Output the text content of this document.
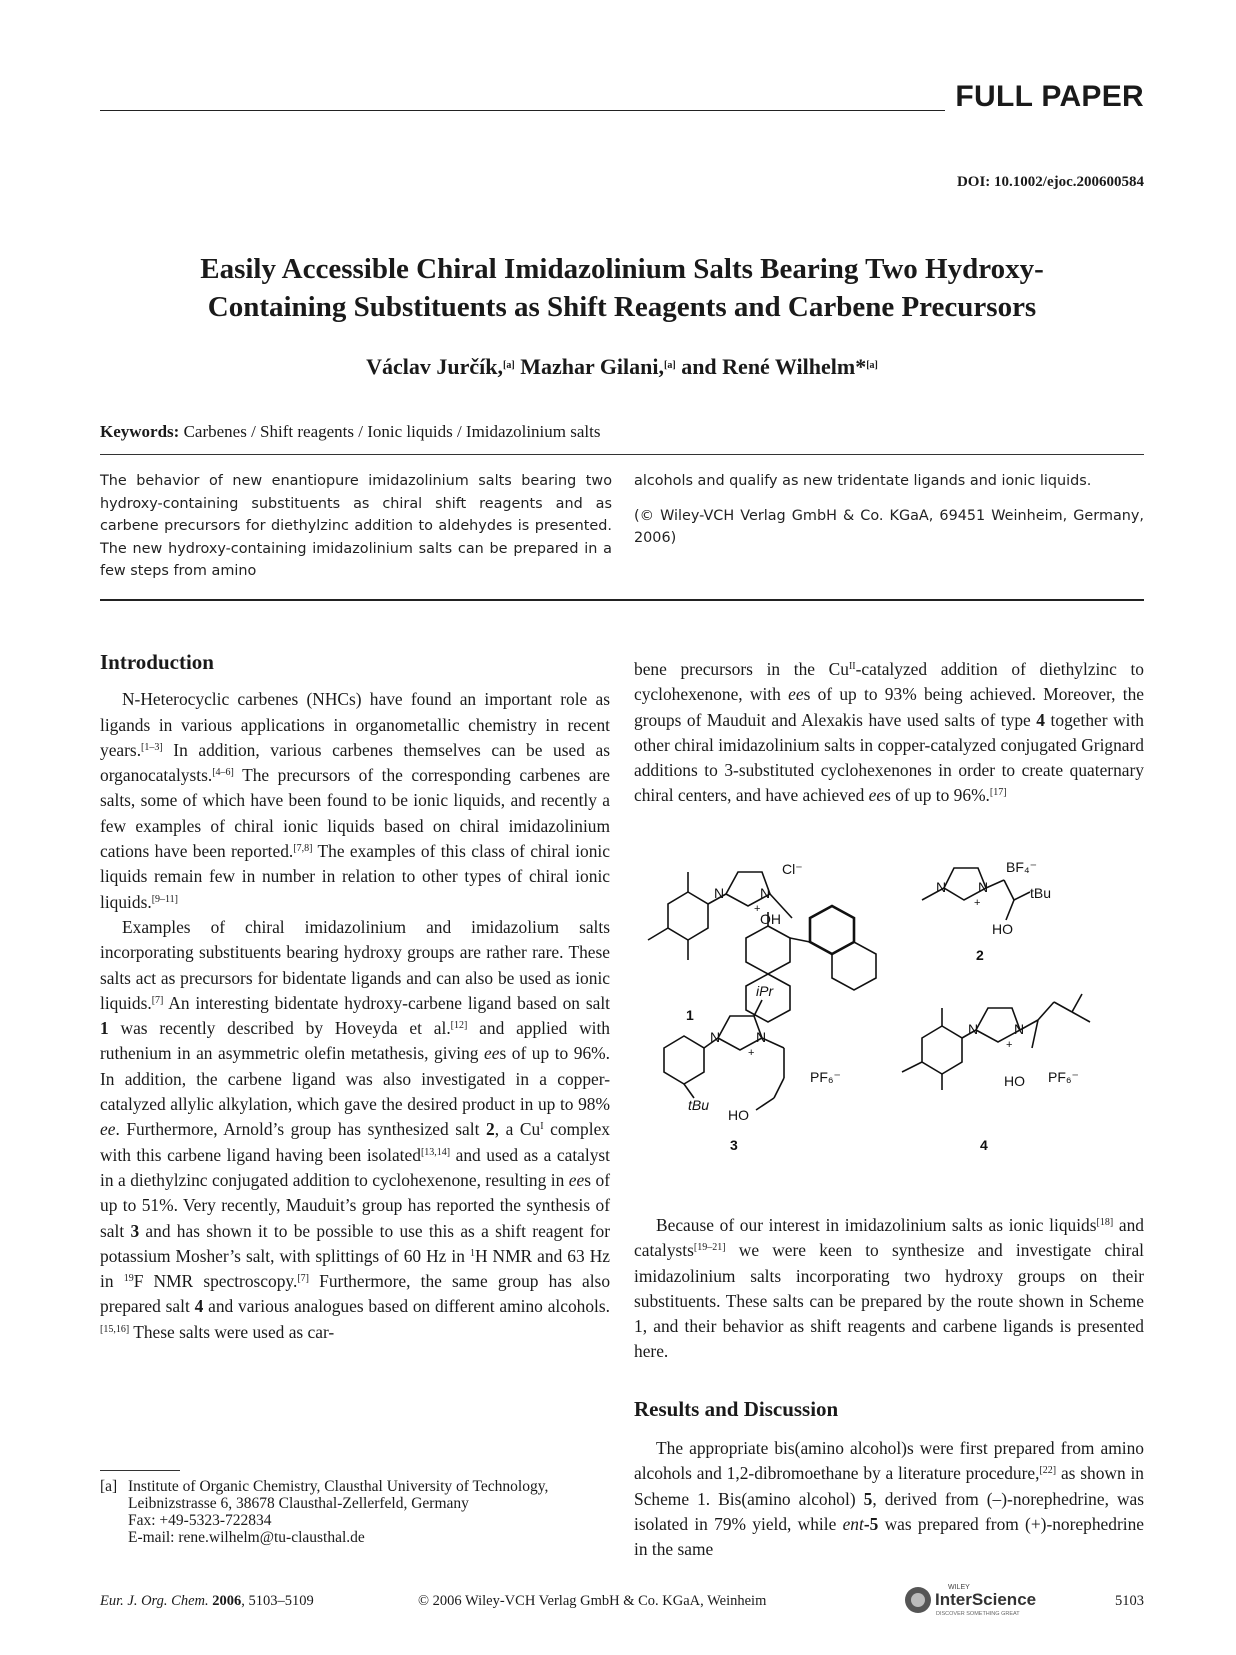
FULL PAPER
DOI: 10.1002/ejoc.200600584
Easily Accessible Chiral Imidazolinium Salts Bearing Two Hydroxy-
Containing Substituents as Shift Reagents and Carbene Precursors
Václav Jurčík,[a] Mazhar Gilani,[a] and René Wilhelm*[a]
Keywords: Carbenes / Shift reagents / Ionic liquids / Imidazolinium salts
The behavior of new enantiopure imidazolinium salts bearing two hydroxy-containing substituents as chiral shift reagents and as carbene precursors for diethylzinc addition to aldehydes is presented. The new hydroxy-containing imidazolinium salts can be prepared in a few steps from amino
alcohols and qualify as new tridentate ligands and ionic liquids.
(© Wiley-VCH Verlag GmbH & Co. KGaA, 69451 Weinheim, Germany, 2006)
Introduction

N-Heterocyclic carbenes (NHCs) have found an important role as ligands in various applications in organometallic chemistry in recent years.[1–3] In addition, various carbenes themselves can be used as organocatalysts.[4–6] The precursors of the corresponding carbenes are salts, some of which have been found to be ionic liquids, and recently a few examples of chiral ionic liquids based on chiral imidazolinium cations have been reported.[7,8] The examples of this class of chiral ionic liquids remain few in number in relation to other types of chiral ionic liquids.[9–11]

Examples of chiral imidazolinium and imidazolium salts incorporating substituents bearing hydroxy groups are rather rare. These salts act as precursors for bidentate ligands and can also be used as ionic liquids.[7] An interesting bidentate hydroxy-carbene ligand based on salt 1 was recently described by Hoveyda et al.[12] and applied with ruthenium in an asymmetric olefin metathesis, giving ees of up to 96%. In addition, the carbene ligand was also investigated in a copper-catalyzed allylic alkylation, which gave the desired product in up to 98% ee. Furthermore, Arnold’s group has synthesized salt 2, a $Cu^I$ complex with this carbene ligand having been isolated[13,14] and used as a catalyst in a diethylzinc conjugated addition to cyclohexenone, resulting in ees of up to 51%. Very recently, Mauduit’s group has reported the synthesis of salt 3 and has shown it to be possible to use this as a shift reagent for potassium Mosher’s salt, with splittings of 60 Hz in $^1$H NMR and 63 Hz in $^{19}$F NMR spectroscopy.[7] Furthermore, the same group has also prepared salt 4 and various analogues based on different amino alcohols.[15,16] These salts were used as car-

[a] Institute of Organic Chemistry, Clausthal University of Technology,
Leibnizstrasse 6, 38678 Clausthal-Zellerfeld, Germany
Fax: +49-5323-722834
E-mail: rene.wilhelm@tu-clausthal.de

bene precursors in the $Cu^{II}$-catalyzed addition of diethylzinc to cyclohexenone, with ees of up to 93% being achieved. Moreover, the groups of Mauduit and Alexakis have used salts of type 4 together with other chiral imidazolinium salts in copper-catalyzed conjugated Grignard additions to 3-substituted cyclohexenones in order to create quaternary chiral centers, and have achieved ees of up to 96%.[17]

N	N
+
Cl⁻
OH
1
N N
+
BF₄⁻
tBu
HO
2
N	N
+
iPr
tBu
HO
PF₆⁻
3
N	N
+
HO PF₆⁻
4

Because of our interest in imidazolinium salts as ionic liquids[18] and catalysts[19–21] we were keen to synthesize and investigate chiral imidazolinium salts incorporating two hydroxy groups on their substituents. These salts can be prepared by the route shown in Scheme 1, and their behavior as shift reagents and carbene ligands is presented here.

Results and Discussion

The appropriate bis(amino alcohol)s were first prepared from amino alcohols and 1,2-dibromoethane by a literature procedure,[22] as shown in Scheme 1. Bis(amino alcohol) 5, derived from (–)-norephedrine, was isolated in 79% yield, while ent-5 was prepared from (+)-norephedrine in the same

Eur. J. Org. Chem. 2006, 5103–5109	© 2006 Wiley-VCH Verlag GmbH & Co. KGaA, Weinheim
WILEY
InterScience
DISCOVER SOMETHING GREAT
5103
